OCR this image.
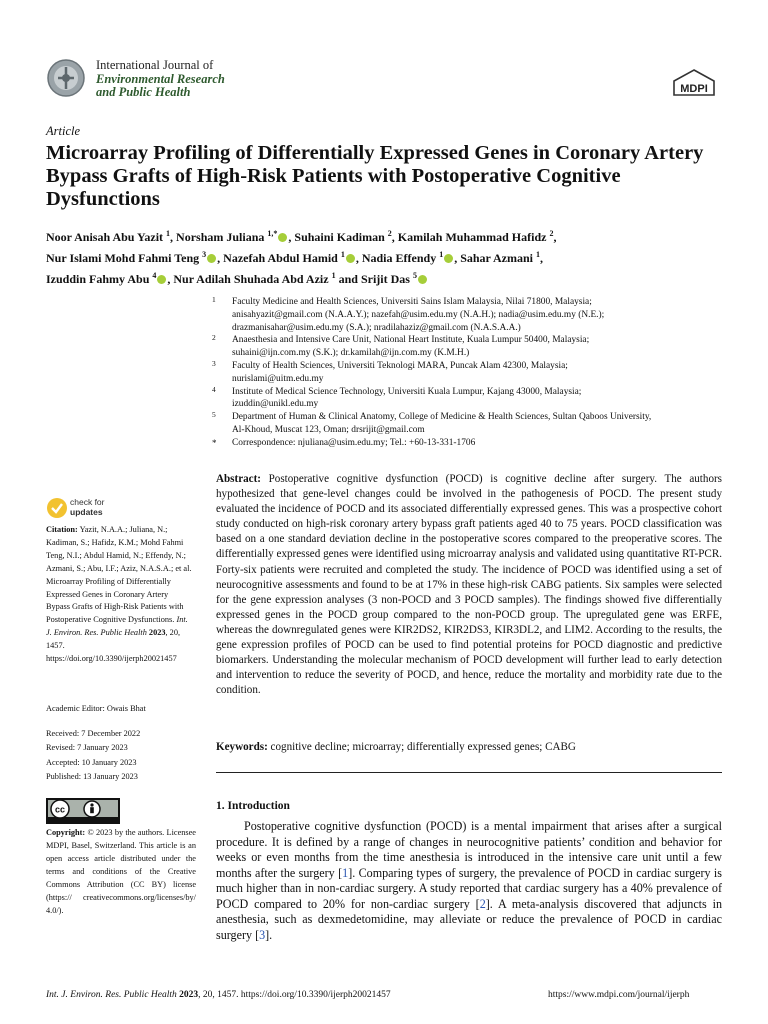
International Journal of
Environmental Research
and Public Health	MDPI
Article
Microarray Profiling of Differentially Expressed Genes in Coronary Artery Bypass Grafts of High-Risk Patients with Postoperative Cognitive Dysfunctions
Noor Anisah Abu Yazit $^1$, Norsham Juliana $^{1,*}$ , Suhaini Kadiman $^2$, Kamilah Muhammad Hafidz $^2$,
Nur Islami Mohd Fahmi Teng $^3$ , Nazefah Abdul Hamid $^1$ , Nadia Effendy $^1$ , Sahar Azmani $^1$,
Izuddin Fahmy Abu $^4$ , Nur Adilah Shuhada Abd Aziz $^1$ and Srijit Das $^5$
1 Faculty Medicine and Health Sciences, Universiti Sains Islam Malaysia, Nilai 71800, Malaysia;
anisahyazit@gmail.com (N.A.A.Y.); nazefah@usim.edu.my (N.A.H.); nadia@usim.edu.my (N.E.);
drazmanisahar@usim.edu.my (S.A.); nradilahaziz@gmail.com (N.A.S.A.A.)
2 Anaesthesia and Intensive Care Unit, National Heart Institute, Kuala Lumpur 50400, Malaysia;
suhaini@ijn.com.my (S.K.); dr.kamilah@ijn.com.my (K.M.H.)
3 Faculty of Health Sciences, Universiti Teknologi MARA, Puncak Alam 42300, Malaysia;
nurislami@uitm.edu.my
4 Institute of Medical Science Technology, Universiti Kuala Lumpur, Kajang 43000, Malaysia;
izuddin@unikl.edu.my
5 Department of Human & Clinical Anatomy, College of Medicine & Health Sciences, Sultan Qaboos University,
Al-Khoud, Muscat 123, Oman; drsrijit@gmail.com
* Correspondence: njuliana@usim.edu.my; Tel.: +60-13-331-1706
Abstract: Postoperative cognitive dysfunction (POCD) is cognitive decline after surgery. The authors hypothesized that gene-level changes could be involved in the pathogenesis of POCD. The present study evaluated the incidence of POCD and its associated differentially expressed genes. This was a prospective cohort study conducted on high-risk coronary artery bypass graft patients aged 40 to 75 years. POCD classification was based on a one standard deviation decline in the postoperative scores compared to the preoperative scores. The differentially expressed genes were identified using microarray analysis and validated using quantitative RT-PCR. Forty-six patients were recruited and completed the study. The incidence of POCD was identified using a set of neurocognitive assessments and found to be at 17% in these high-risk CABG patients. Six samples were selected for the gene expression analyses (3 non-POCD and 3 POCD samples). The findings showed five differentially expressed genes in the POCD group compared to the non-POCD group. The upregulated gene was ERFE, whereas the downregulated genes were KIR2DS2, KIR2DS3, KIR3DL2, and LIM2. According to the results, the gene expression profiles of POCD can be used to find potential proteins for POCD diagnostic and predictive biomarkers. Understanding the molecular mechanism of POCD development will further lead to early detection and intervention to reduce the severity of POCD, and hence, reduce the mortality and morbidity rate due to the condition.
Keywords: cognitive decline; microarray; differentially expressed genes; CABG
1. Introduction
Postoperative cognitive dysfunction (POCD) is a mental impairment that arises after a surgical procedure. It is defined by a range of changes in neurocognitive patients’ condition and behavior for weeks or even months from the time anesthesia is introduced in the intensive care unit until a few months after the surgery [1]. Comparing types of surgery, the prevalence of POCD in cardiac surgery is much higher than in non-cardiac surgery. A study reported that cardiac surgery has a 40% prevalence of POCD compared to 20% for non-cardiac surgery [2]. A meta-analysis discovered that adjuncts in anesthesia, such as dexmedetomidine, may alleviate or reduce the prevalence of POCD in cardiac surgery [3].
check for
updates
Citation: Yazit, N.A.A.; Juliana, N.; Kadiman, S.; Hafidz, K.M.; Mohd Fahmi Teng, N.I.; Abdul Hamid, N.; Effendy, N.; Azmani, S.; Abu, I.F.; Aziz, N.A.S.A.; et al. Microarray Profiling of Differentially Expressed Genes in Coronary Artery Bypass Grafts of High-Risk Patients with Postoperative Cognitive Dysfunctions. Int. J. Environ. Res. Public Health 2023, 20, 1457. https://doi.org/10.3390/ijerph20021457
Academic Editor: Owais Bhat
Received: 7 December 2022
Revised: 7 January 2023
Accepted: 10 January 2023
Published: 13 January 2023
cc
Copyright: © 2023 by the authors. Licensee MDPI, Basel, Switzerland. This article is an open access article distributed under the terms and conditions of the Creative Commons Attribution (CC BY) license (https:// creativecommons.org/licenses/by/ 4.0/).
Int. J. Environ. Res. Public Health 2023, 20, 1457. https://doi.org/10.3390/ijerph20021457	https://www.mdpi.com/journal/ijerph
